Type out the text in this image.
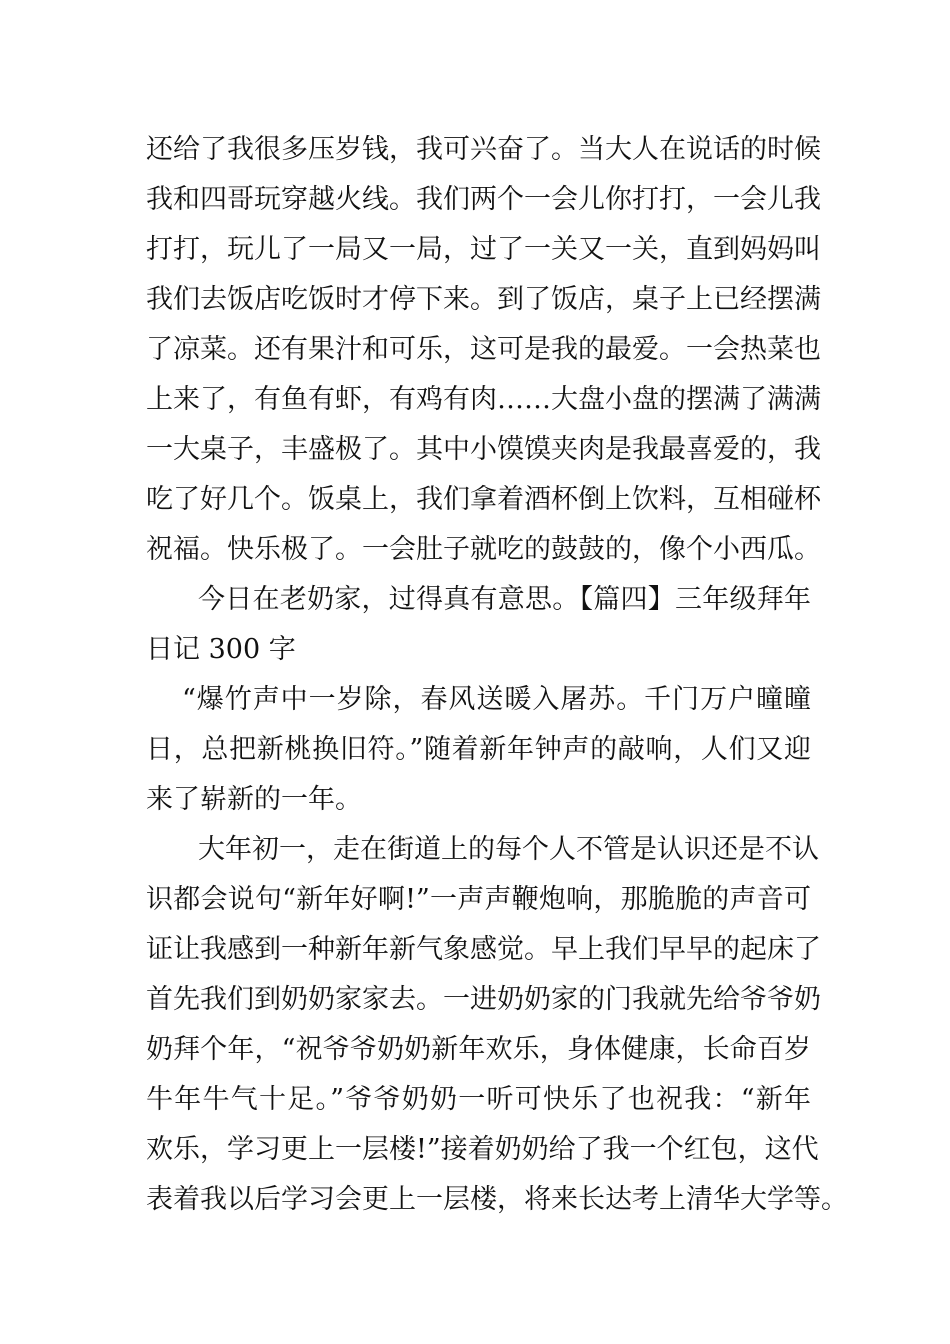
还给了我很多压岁钱，我可兴奋了。当大人在说话的时候
我和四哥玩穿越火线。我们两个一会儿你打打，一会儿我
打打，玩儿了一局又一局，过了一关又一关，直到妈妈叫
我们去饭店吃饭时才停下来。到了饭店，桌子上已经摆满
了凉菜。还有果汁和可乐，这可是我的最爱。一会热菜也
上来了，有鱼有虾，有鸡有肉……大盘小盘的摆满了满满
一大桌子，丰盛极了。其中小馍馍夹肉是我最喜爱的，我
吃了好几个。饭桌上，我们拿着酒杯倒上饮料，互相碰杯
祝福。快乐极了。一会肚子就吃的鼓鼓的，像个小西瓜。
今日在老奶家，过得真有意思。【篇四】三年级拜年
日记 300 字
“爆竹声中一岁除，春风送暖入屠苏。千门万户曈曈
日，总把新桃换旧符。”随着新年钟声的敲响，人们又迎
来了崭新的一年。
大年初一，走在街道上的每个人不管是认识还是不认
识都会说句“新年好啊!”一声声鞭炮响，那脆脆的声音可
证让我感到一种新年新气象感觉。早上我们早早的起床了
首先我们到奶奶家家去。一进奶奶家的门我就先给爷爷奶
奶拜个年，“祝爷爷奶奶新年欢乐，身体健康，长命百岁
牛年牛气十足。”爷爷奶奶一听可快乐了也祝我：“新年
欢乐，学习更上一层楼!”接着奶奶给了我一个红包，这代
表着我以后学习会更上一层楼，将来长达考上清华大学等。
